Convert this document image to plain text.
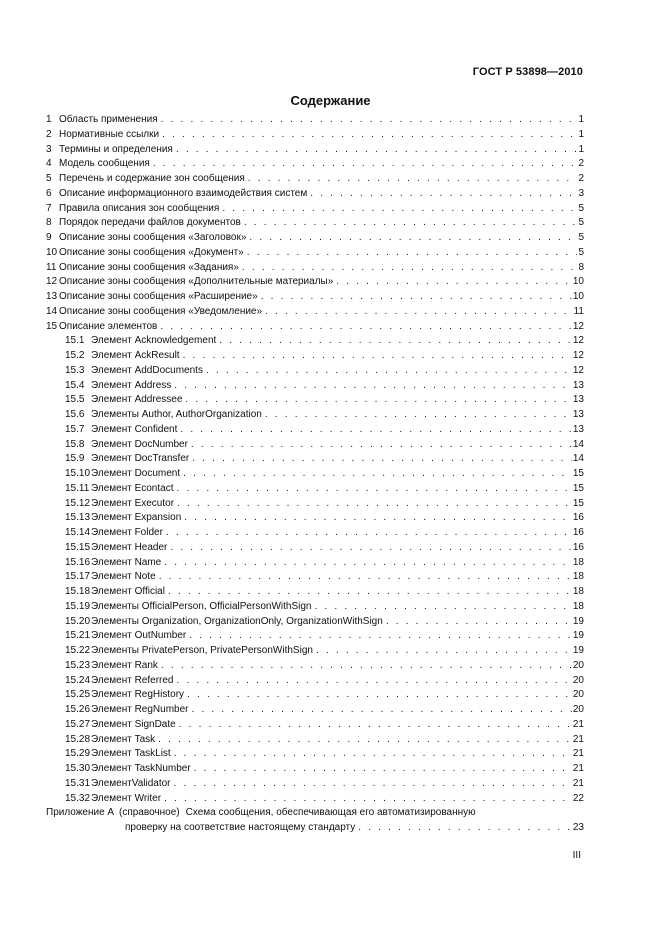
ГОСТ Р 53898—2010
Содержание
1 Область применения . . .	1
2 Нормативные ссылки . . .	1
3 Термины и определения . . .	1
4 Модель сообщения . . .	2
5 Перечень и содержание зон сообщения . . .	2
6 Описание информационного взаимодействия систем . . .	3
7 Правила описания зон сообщения . . .	5
8 Порядок передачи файлов документов . . .	5
9 Описание зоны сообщения «Заголовок» . . .	5
10 Описание зоны сообщения «Документ» . . .	5
11 Описание зоны сообщения «Задания» . . .	8
12 Описание зоны сообщения «Дополнительные материалы» . . .	10
13 Описание зоны сообщения «Расширение» . . .	10
14 Описание зоны сообщения «Уведомление» . . .	11
15 Описание элементов . . .	12
15.1 Элемент Acknowledgement . . .	12
15.2 Элемент AckResult . . .	12
15.3 Элемент AddDocuments . . .	12
15.4 Элемент Address . . .	13
15.5 Элемент Addressee . . .	13
15.6 Элементы Author, AuthorOrganization . . .	13
15.7 Элемент Confident . . .	13
15.8 Элемент DocNumber . . .	14
15.9 Элемент DocTransfer . . .	14
15.10 Элемент Document . . .	15
15.11 Элемент Econtact . . .	15
15.12 Элемент Executor . . .	15
15.13 Элемент Expansion . . .	16
15.14 Элемент Folder . . .	16
15.15 Элемент Header . . .	16
15.16 Элемент Name . . .	18
15.17 Элемент Note . . .	18
15.18 Элемент Official . . .	18
15.19 Элементы OfficialPerson, OfficialPersonWithSign . . .	18
15.20 Элементы Organization, OrganizationOnly, OrganizationWithSign . . .	19
15.21 Элемент OutNumber . . .	19
15.22 Элементы PrivatePerson, PrivatePersonWithSign . . .	19
15.23 Элемент Rank . . .	20
15.24 Элемент Referred . . .	20
15.25 Элемент RegHistory . . .	20
15.26 Элемент RegNumber . . .	20
15.27 Элемент SignDate . . .	21
15.28 Элемент Task . . .	21
15.29 Элемент TaskList . . .	21
15.30 Элемент TaskNumber . . .	21
15.31 ЭлементValidator . . .	21
15.32 Элемент Writer . . .	22
Приложение А (справочное) Схема сообщения, обеспечивающая его автоматизированную
проверку на соответствие настоящему стандарту . . .	23
III
